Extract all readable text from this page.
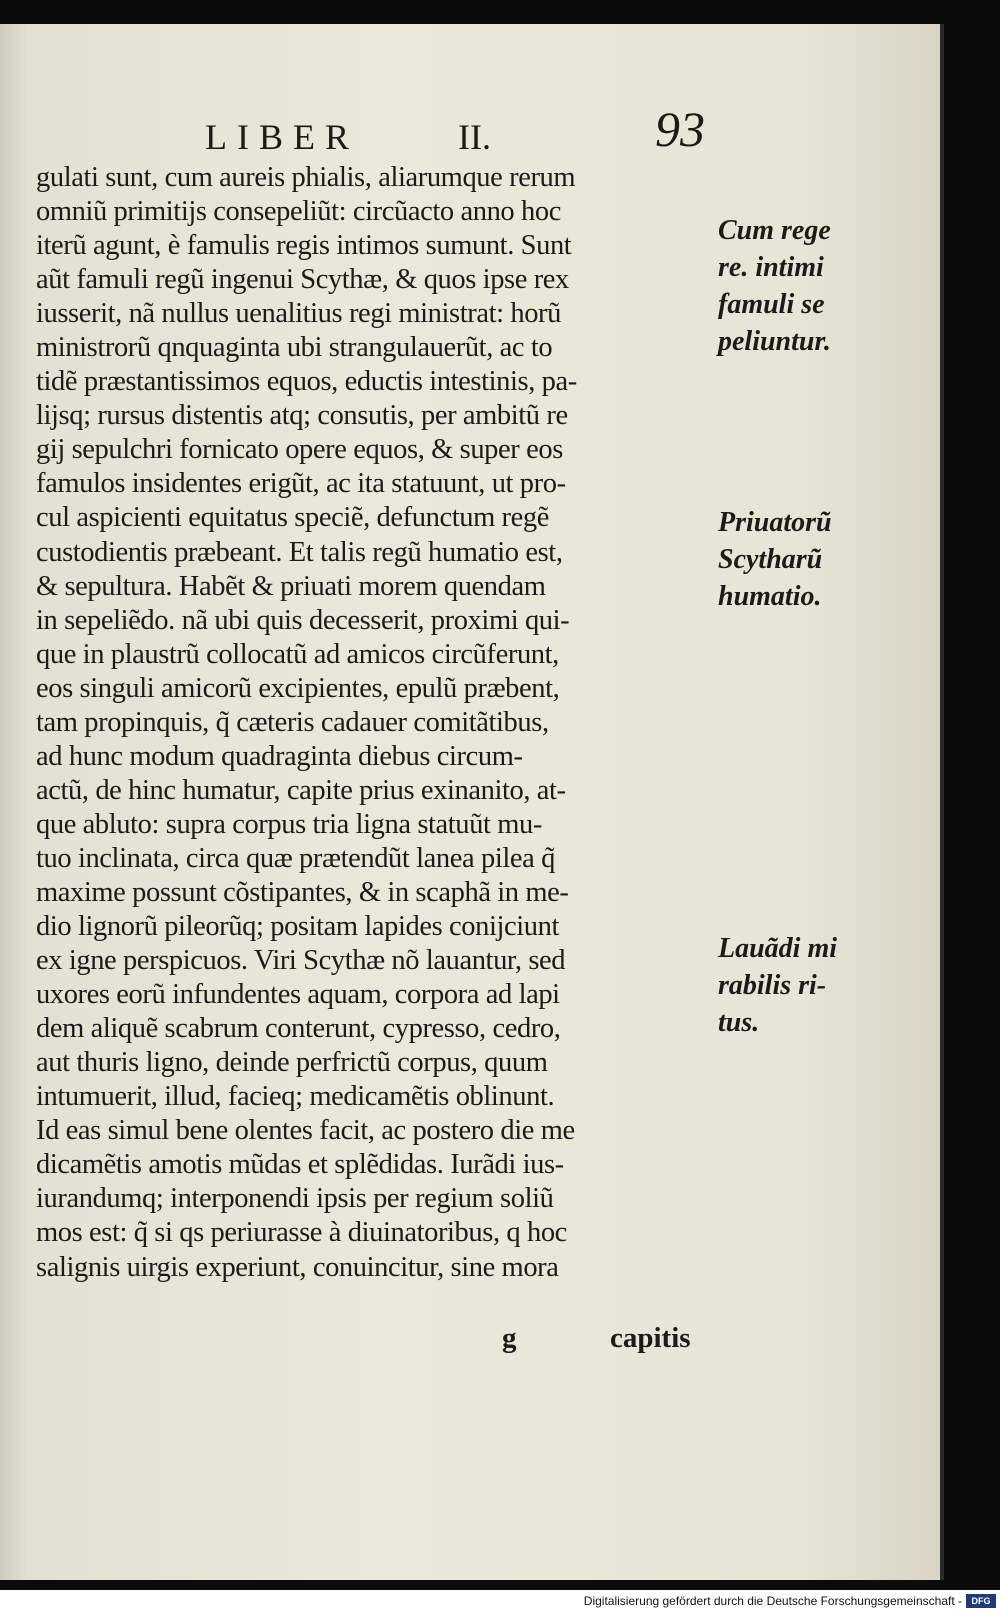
LIBER	II.	93
gulati sunt, cum aureis phialis, aliarumque rerum
omniũ primitijs consepeliũt: circũacto anno hoc
iterũ agunt, è famulis regis intimos sumunt. Sunt
aũt famuli regũ ingenui Scythæ, & quos ipse rex
iusserit, nã nullus uenalitius regi ministrat: horũ
ministrorũ qnquaginta ubi strangulauerũt, ac to
tidẽ præstantissimos equos, eductis intestinis, pa-
lijsq; rursus distentis atq; consutis, per ambitũ re
gij sepulchri fornicato opere equos, & super eos
famulos insidentes erigũt, ac ita statuunt, ut pro-
cul aspicienti equitatus speciẽ, defunctum regẽ
custodientis præbeant. Et talis regũ humatio est,
& sepultura. Habẽt & priuati morem quendam
in sepeliẽdo. nã ubi quis decesserit, proximi qui-
que in plaustrũ collocatũ ad amicos circũferunt,
eos singuli amicorũ excipientes, epulũ præbent,
tam propinquis, q̃ cæteris cadauer comitãtibus,
ad hunc modum quadraginta diebus circum-
actũ, de hinc humatur, capite prius exinanito, at-
que abluto: supra corpus tria ligna statuũt mu-
tuo inclinata, circa quæ prætendũt lanea pilea q̃
maxime possunt cõstipantes, & in scaphã in me-
dio lignorũ pileorũq; positam lapides conijciunt
ex igne perspicuos. Viri Scythæ nõ lauantur, sed
uxores eorũ infundentes aquam, corpora ad lapi
dem aliquẽ scabrum conterunt, cypresso, cedro,
aut thuris ligno, deinde perfrictũ corpus, quum
intumuerit, illud, facieq; medicamẽtis oblinunt.
Id eas simul bene olentes facit, ac postero die me
dicamẽtis amotis mũdas et splẽdidas. Iurãdi ius-
iurandumq; interponendi ipsis per regium soliũ
mos est: q̃ si qs periurasse à diuinatoribus, q hoc
salignis uirgis experiunt, conuincitur, sine mora
Cum rege
re. intimi
famuli se
peliuntur.
Priuatorũ
Scytharũ
humatio.
Lauãdi mi
rabilis ri-
tus.
g	capitis
Digitalisierung gefördert durch die Deutsche Forschungsgemeinschaft -	DFG
